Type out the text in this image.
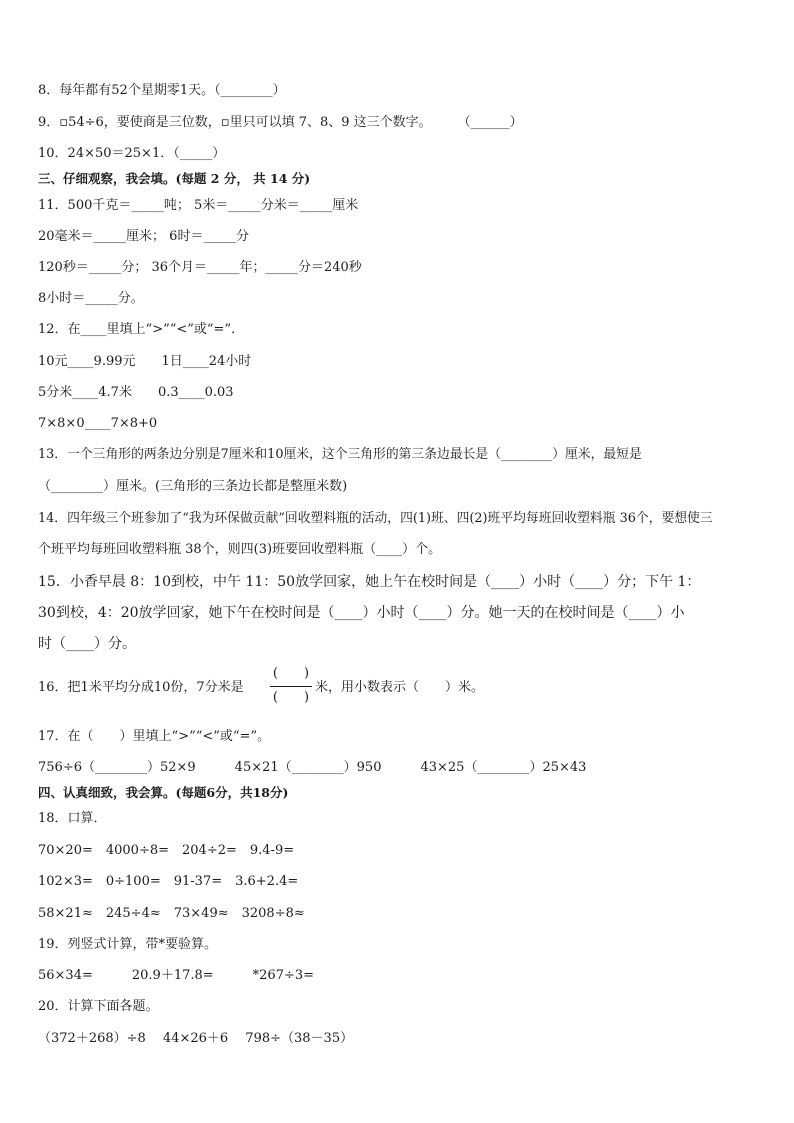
8．每年都有52个星期零1天。（________）
9．▫54÷6，要使商是三位数，▫里只可以填 7、8、9 这三个数字。　　　（______）
10．24×50＝25×1．（_____）
三、仔细观察，我会填。(每题 2 分， 共 14 分)
11．500千克＝_____吨； 5米＝_____分米＝_____厘米
20毫米＝_____厘米； 6时＝_____分
120秒＝_____分； 36个月＝_____年；_____分＝240秒
8小时＝_____分。
12．在____里填上“>”“<”或“=”．
10元____9.99元　　1日____24小时
5分米____4.7米　　0.3____0.03
7×8×0____7×8+0
13．一个三角形的两条边分别是7厘米和10厘米，这个三角形的第三条边最长是（________）厘米，最短是
（________）厘米。(三角形的三条边长都是整厘米数)
14．四年级三个班参加了“我为环保做贡献”回收塑料瓶的活动，四(1)班、四(2)班平均每班回收塑料瓶 36个，要想使三
个班平均每班回收塑料瓶 38个，则四(3)班要回收塑料瓶（____）个。
15．小香早晨 8：10到校，中午 11：50放学回家，她上午在校时间是（____）小时（____）分；下午 1：
30到校，4：20放学回家，她下午在校时间是（____）小时（____）分。她一天的在校时间是（____）小
时（____）分。
16．把1米平均分成10份，7分米是
(　　)
(　　)
米，用小数表示（　　）米。
17．在（　　）里填上“>”“<”或“=”。
756÷6（________）52×9　　　45×21（________）950　　　43×25（________）25×43
四、认真细致，我会算。(每题6分，共18分)
18．口算．
70×20=　4000÷8=　204÷2=　9.4-9=
102×3=　0÷100=　91-37=　3.6+2.4=
58×21≈　245÷4≈　73×49≈　3208÷8≈
19．列竖式计算，带*要验算。
56×34=　　　20.9＋17.8=　　　*267÷3=
20．计算下面各题。
（372＋268）÷8　 44×26＋6　 798÷（38－35）
